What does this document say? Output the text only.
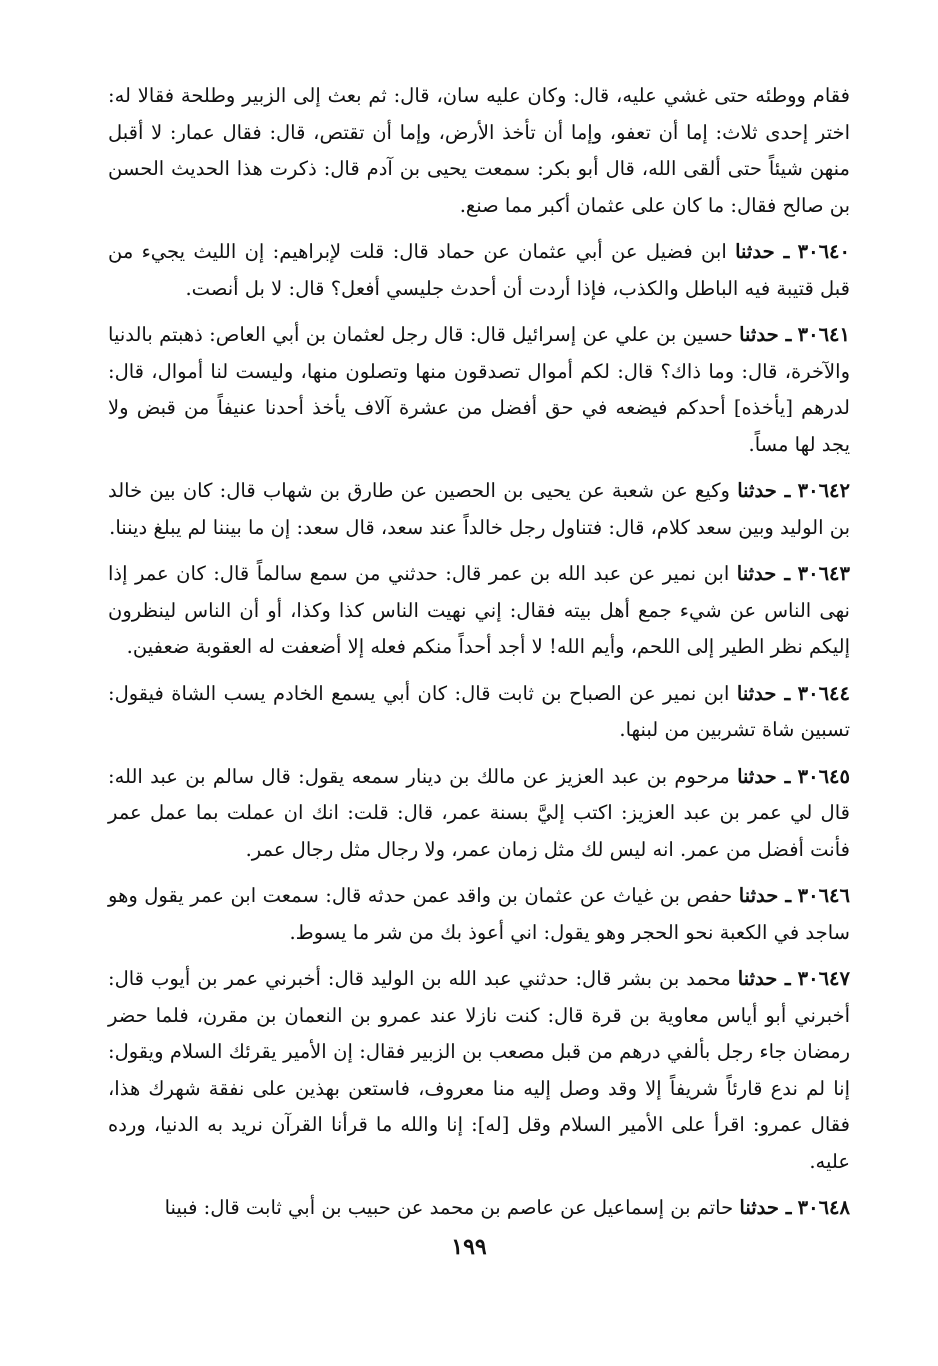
فقام ووطئه حتى غشي عليه، قال: وكان عليه سان، قال: ثم بعث إلى الزبير وطلحة فقالا له: اختر إحدى ثلاث: إما أن تعفو، وإما أن تأخذ الأرض، وإما أن تقتص، قال: فقال عمار: لا أقبل منهن شيئاً حتى ألقى الله، قال أبو بكر: سمعت يحيى بن آدم قال: ذكرت هذا الحديث الحسن بن صالح فقال: ما كان على عثمان أكبر مما صنع.

٣٠٦٤٠ ـ حدثنا ابن فضيل عن أبي عثمان عن حماد قال: قلت لإبراهيم: إن الليث يجيء من قبل قتيبة فيه الباطل والكذب، فإذا أردت أن أحدث جليسي أفعل؟ قال: لا بل أنصت.

٣٠٦٤١ ـ حدثنا حسين بن علي عن إسرائيل قال: قال رجل لعثمان بن أبي العاص: ذهبتم بالدنيا والآخرة، قال: وما ذاك؟ قال: لكم أموال تصدقون منها وتصلون منها، وليست لنا أموال، قال: لدرهم [يأخذه] أحدكم فيضعه في حق أفضل من عشرة آلاف يأخذ أحدنا عنيفاً من قبض ولا يجد لها مساً.

٣٠٦٤٢ ـ حدثنا وكيع عن شعبة عن يحيى بن الحصين عن طارق بن شهاب قال: كان بين خالد بن الوليد وبين سعد كلام، قال: فتناول رجل خالداً عند سعد، قال سعد: إن ما بيننا لم يبلغ ديننا.

٣٠٦٤٣ ـ حدثنا ابن نمير عن عبد الله بن عمر قال: حدثني من سمع سالماً قال: كان عمر إذا نهى الناس عن شيء جمع أهل بيته فقال: إني نهيت الناس كذا وكذا، أو أن الناس لينظرون إليكم نظر الطير إلى اللحم، وأيم الله! لا أجد أحداً منكم فعله إلا أضعفت له العقوبة ضعفين.

٣٠٦٤٤ ـ حدثنا ابن نمير عن الصباح بن ثابت قال: كان أبي يسمع الخادم يسب الشاة فيقول: تسبين شاة تشربين من لبنها.

٣٠٦٤٥ ـ حدثنا مرحوم بن عبد العزيز عن مالك بن دينار سمعه يقول: قال سالم بن عبد الله: قال لي عمر بن عبد العزيز: اكتب إليَّ بسنة عمر، قال: قلت: انك ان عملت بما عمل عمر فأنت أفضل من عمر. انه ليس لك مثل زمان عمر، ولا رجال مثل رجال عمر.

٣٠٦٤٦ ـ حدثنا حفص بن غياث عن عثمان بن واقد عمن حدثه قال: سمعت ابن عمر يقول وهو ساجد في الكعبة نحو الحجر وهو يقول: اني أعوذ بك من شر ما يسوط.

٣٠٦٤٧ ـ حدثنا محمد بن بشر قال: حدثني عبد الله بن الوليد قال: أخبرني عمر بن أيوب قال: أخبرني أبو أياس معاوية بن قرة قال: كنت نازلا عند عمرو بن النعمان بن مقرن، فلما حضر رمضان جاء رجل بألفي درهم من قبل مصعب بن الزبير فقال: إن الأمير يقرئك السلام ويقول: إنا لم ندع قارئاً شريفاً إلا وقد وصل إليه منا معروف، فاستعن بهذين على نفقة شهرك هذا، فقال عمرو: اقرأ على الأمير السلام وقل [له]: إنا والله ما قرأنا القرآن نريد به الدنيا، ورده عليه.

٣٠٦٤٨ ـ حدثنا حاتم بن إسماعيل عن عاصم بن محمد عن حبيب بن أبي ثابت قال: فبينا

١٩٩
